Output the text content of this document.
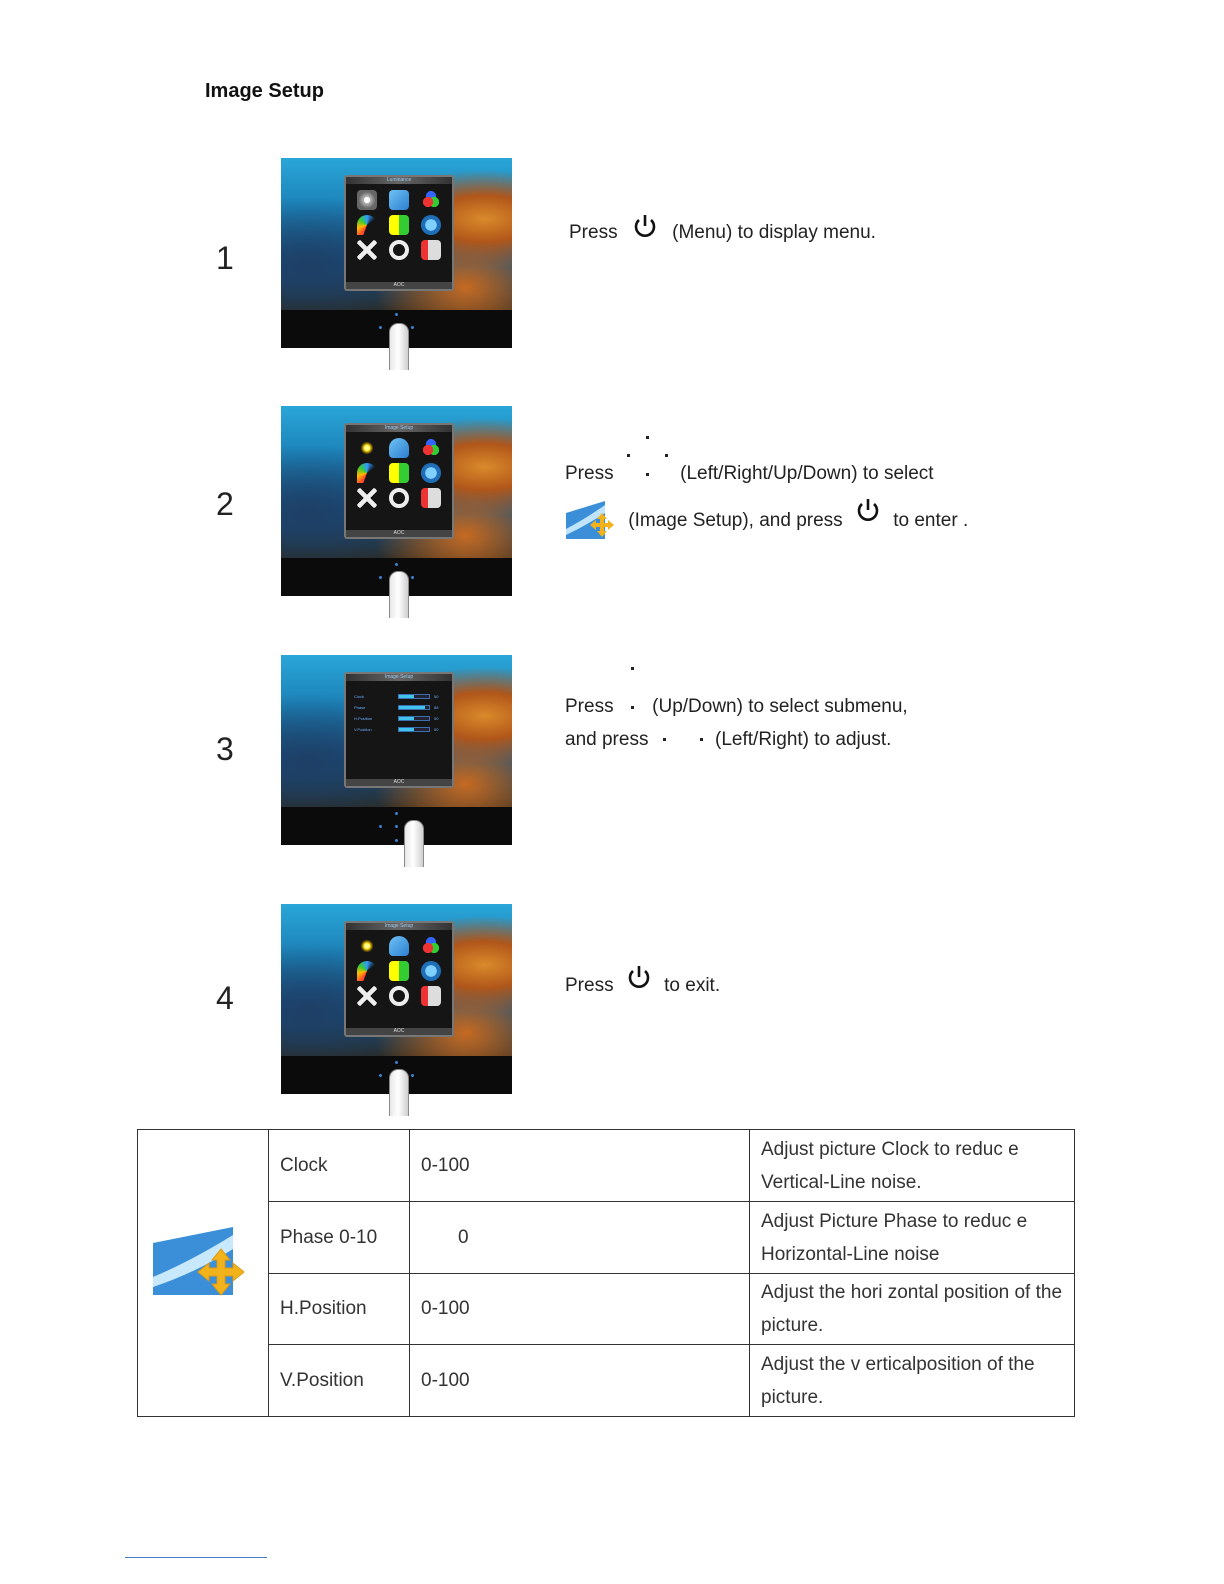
Image Setup
1
Luminance
AOC
Press	(Menu) to display menu.
2
Image Setup
AOC
Press	(Left/Right/Up/Down) to select
(Image Setup), and press	to enter .
3
Image Setup
Clock	50
Phase	88
H.Position	50
V.Position	50
AOC
Press (Up/Down) to select submenu,
and press	(Left/Right) to adjust.
4
Image Setup
AOC
Press	to exit.
	Clock	0-100	Adjust picture Clock to reduc e
Vertical-Line noise.

	Phase 0-10	0	Adjust Picture Phase to reduc e
Horizontal-Line noise

	H.Position	0-100	Adjust the hori zontal position of the
picture.

	V.Position	0-100	Adjust the v erticalposition of the
picture.
